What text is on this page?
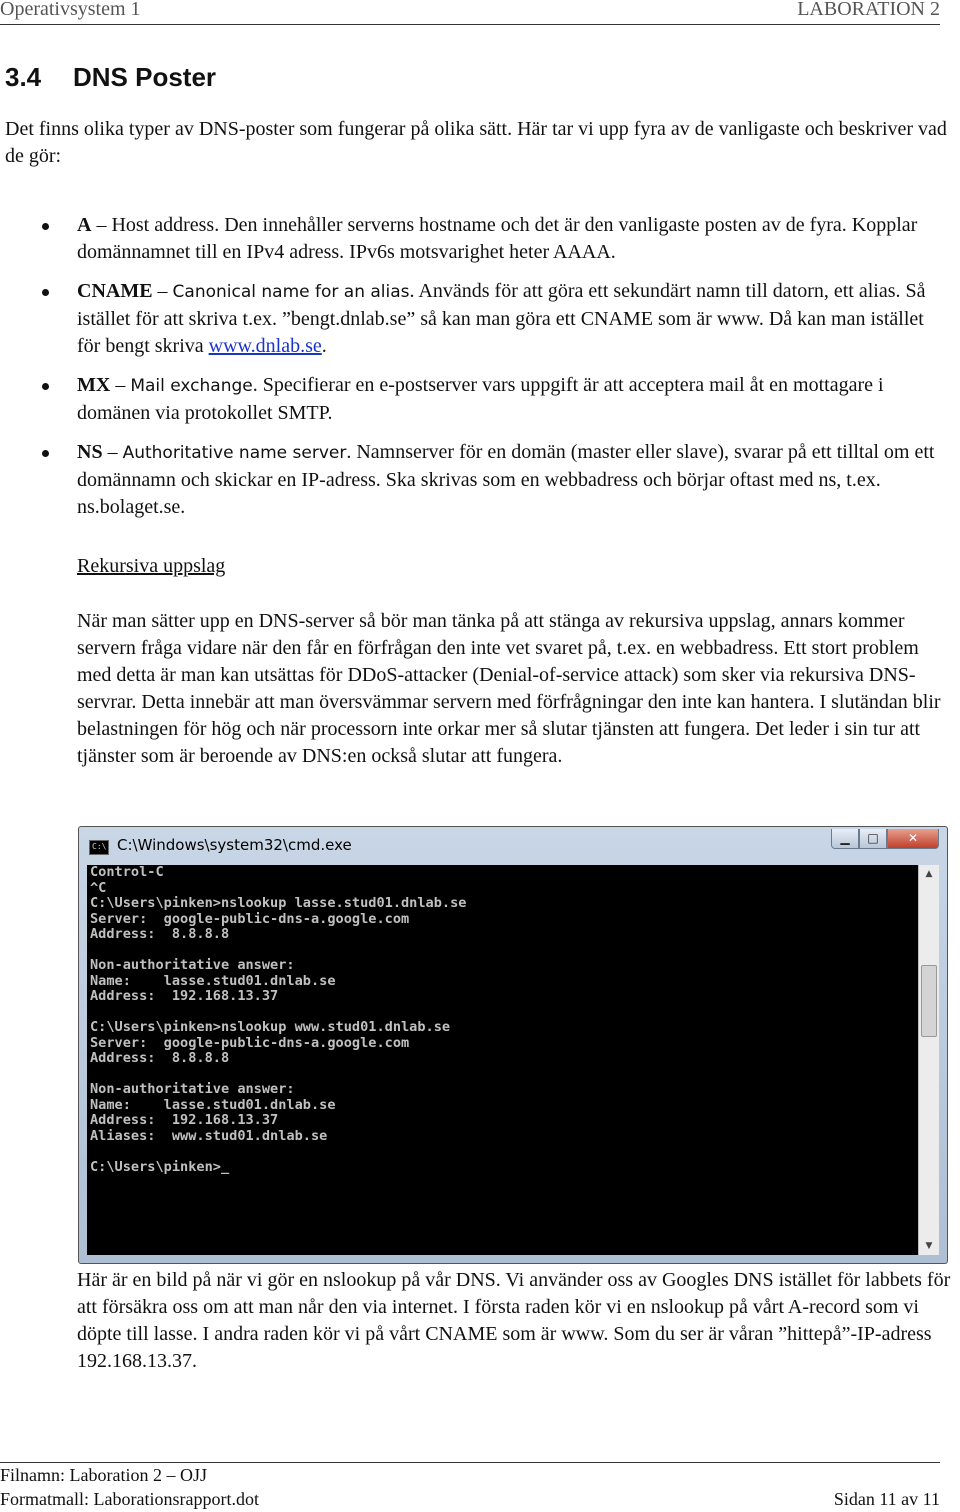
Operativsystem 1	LABORATION 2
3.4 DNS Poster

Det finns olika typer av DNS-poster som fungerar på olika sätt. Här tar vi upp fyra av de vanligaste och beskriver vad de gör:

A – Host address. Den innehåller serverns hostname och det är den vanligaste posten av de fyra. Kopplar domännamnet till en IPv4 adress. IPv6s motsvarighet heter AAAA.
CNAME – Canonical name for an alias. Används för att göra ett sekundärt namn till datorn, ett alias. Så istället för att skriva t.ex. ”bengt.dnlab.se” så kan man göra ett CNAME som är www. Då kan man istället för bengt skriva www.dnlab.se.
MX – Mail exchange. Specifierar en e-postserver vars uppgift är att acceptera mail åt en mottagare i domänen via protokollet SMTP.
NS – Authoritative name server. Namnserver för en domän (master eller slave), svarar på ett tilltal om ett domännamn och skickar en IP-adress. Ska skrivas som en webbadress och börjar oftast med ns, t.ex. ns.bolaget.se.

Rekursiva uppslag

När man sätter upp en DNS-server så bör man tänka på att stänga av rekursiva uppslag, annars kommer servern fråga vidare när den får en förfrågan den inte vet svaret på, t.ex. en webbadress. Ett stort problem med detta är man kan utsättas för DDoS-attacker (Denial-of-service attack) som sker via rekursiva DNS-servrar. Detta innebär att man översvämmar servern med förfrågningar den inte kan hantera. I slutändan blir belastningen för hög och när processorn inte orkar mer så slutar tjänsten att fungera. Det leder i sin tur att tjänster som är beroende av DNS:en också slutar att fungera.

C:\ C:\Windows\system32\cmd.exe	▁	□	✕
Control-C
^C
C:\Users\pinken>nslookup lasse.stud01.dnlab.se
Server:  google-public-dns-a.google.com
Address:  8.8.8.8

Non-authoritative answer:
Name:    lasse.stud01.dnlab.se
Address:  192.168.13.37

C:\Users\pinken>nslookup www.stud01.dnlab.se
Server:  google-public-dns-a.google.com
Address:  8.8.8.8

Non-authoritative answer:
Name:    lasse.stud01.dnlab.se
Address:  192.168.13.37
Aliases:  www.stud01.dnlab.se

C:\Users\pinken>_
▲
▼

Här är en bild på när vi gör en nslookup på vår DNS. Vi använder oss av Googles DNS istället för labbets för att försäkra oss om att man når den via internet. I första raden kör vi en nslookup på vårt A-record som vi döpte till lasse. I andra raden kör vi på vårt CNAME som är www. Som du ser är våran ”hittepå”-IP-adress 192.168.13.37.

Filnamn: Laboration 2 – OJJ
Formatmall: Laborationsrapport.dot	Sidan 11 av 11
